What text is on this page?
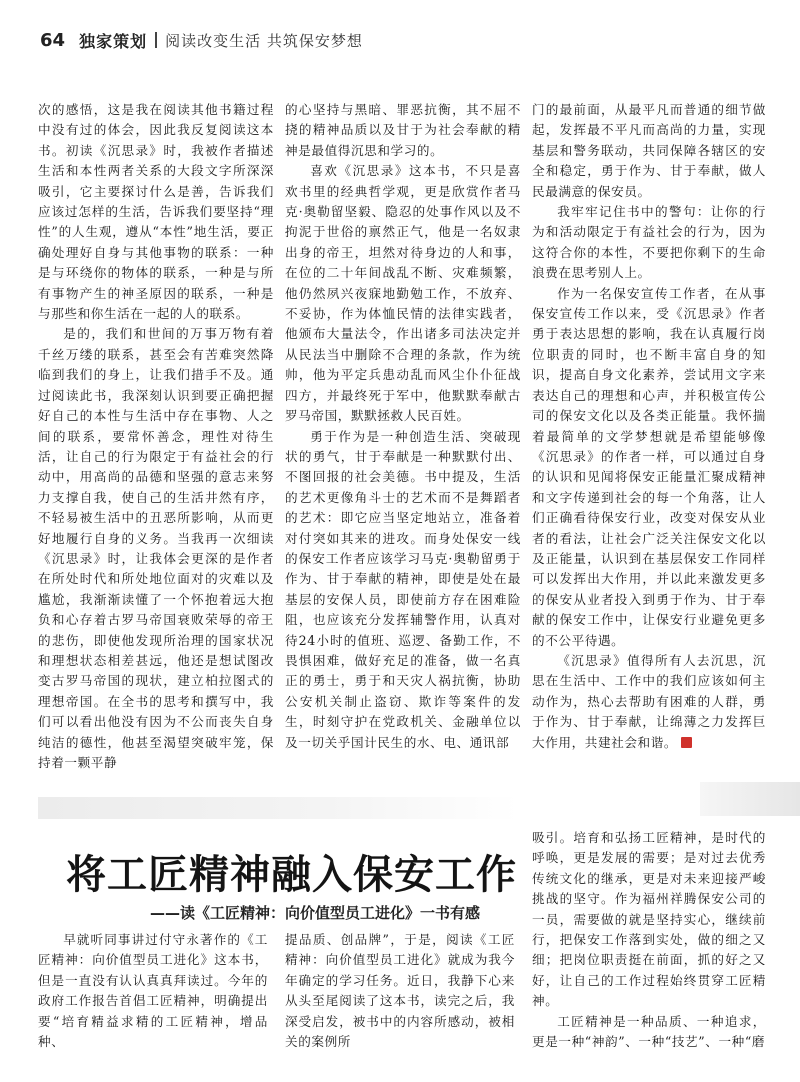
64 独家策划 阅读改变生活 共筑保安梦想

次的感悟，这是我在阅读其他书籍过程中没有过的体会，因此我反复阅读这本书。初读《沉思录》时，我被作者描述生活和本性两者关系的大段文字所深深吸引，它主要探讨什么是善，告诉我们应该过怎样的生活，告诉我们要坚持“理性”的人生观，遵从“本性”地生活，要正确处理好自身与其他事物的联系：一种是与环绕你的物体的联系，一种是与所有事物产生的神圣原因的联系，一种是与那些和你生活在一起的人的联系。

是的，我们和世间的万事万物有着千丝万缕的联系，甚至会有苦难突然降临到我们的身上，让我们措手不及。通过阅读此书，我深刻认识到要正确把握好自己的本性与生活中存在事物、人之间的联系，要常怀善念，理性对待生活，让自己的行为限定于有益社会的行动中，用高尚的品德和坚强的意志来努力支撑自我，使自己的生活井然有序，不轻易被生活中的丑恶所影响，从而更好地履行自身的义务。当我再一次细读《沉思录》时，让我体会更深的是作者在所处时代和所处地位面对的灾难以及尴尬，我渐渐读懂了一个怀抱着远大抱负和心存着古罗马帝国衰败荣辱的帝王的悲伤，即使他发现所治理的国家状况和理想状态相差甚远，他还是想试图改变古罗马帝国的现状，建立柏拉图式的理想帝国。在全书的思考和撰写中，我们可以看出他没有因为不公而丧失自身纯洁的德性，他甚至渴望突破牢笼，保持着一颗平静

的心坚持与黑暗、罪恶抗衡，其不屈不挠的精神品质以及甘于为社会奉献的精神是最值得沉思和学习的。

喜欢《沉思录》这本书，不只是喜欢书里的经典哲学观，更是欣赏作者马克·奥勒留坚毅、隐忍的处事作风以及不拘泥于世俗的禀然正气，他是一名奴隶出身的帝王，坦然对待身边的人和事，在位的二十年间战乱不断、灾难频繁，他仍然夙兴夜寐地勤勉工作，不放弃、不妥协，作为体恤民情的法律实践者，他颁布大量法令，作出诸多司法决定并从民法当中删除不合理的条款，作为统帅，他为平定兵患动乱而风尘仆仆征战四方，并最终死于军中，他默默奉献古罗马帝国，默默拯救人民百姓。

勇于作为是一种创造生活、突破现状的勇气，甘于奉献是一种默默付出、不图回报的社会美德。书中提及，生活的艺术更像角斗士的艺术而不是舞蹈者的艺术：即它应当坚定地站立，准备着对付突如其来的进攻。而身处保安一线的保安工作者应该学习马克·奥勒留勇于作为、甘于奉献的精神，即使是处在最基层的安保人员，即使前方存在困难险阻，也应该充分发挥辅警作用，认真对待24小时的值班、巡逻、备勤工作，不畏惧困难，做好充足的准备，做一名真正的勇士，勇于和天灾人祸抗衡，协助公安机关制止盗窃、欺诈等案件的发生，时刻守护在党政机关、金融单位以及一切关乎国计民生的水、电、通讯部

门的最前面，从最平凡而普通的细节做起，发挥最不平凡而高尚的力量，实现基层和警务联动，共同保障各辖区的安全和稳定，勇于作为、甘于奉献，做人民最满意的保安员。

我牢牢记住书中的警句：让你的行为和活动限定于有益社会的行为，因为这符合你的本性，不要把你剩下的生命浪费在思考别人上。

作为一名保安宣传工作者，在从事保安宣传工作以来，受《沉思录》作者勇于表达思想的影响，我在认真履行岗位职责的同时，也不断丰富自身的知识，提高自身文化素养，尝试用文字来表达自己的理想和心声，并积极宣传公司的保安文化以及各类正能量。我怀揣着最简单的文学梦想就是希望能够像《沉思录》的作者一样，可以通过自身的认识和见闻将保安正能量汇聚成精神和文字传递到社会的每一个角落，让人们正确看待保安行业，改变对保安从业者的看法，让社会广泛关注保安文化以及正能量，认识到在基层保安工作同样可以发挥出大作用，并以此来激发更多的保安从业者投入到勇于作为、甘于奉献的保安工作中，让保安行业避免更多的不公平待遇。

《沉思录》值得所有人去沉思，沉思在生活中、工作中的我们应该如何主动作为，热心去帮助有困难的人群，勇于作为、甘于奉献，让绵薄之力发挥巨大作用，共建社会和谐。

将工匠精神融入保安工作
——读《工匠精神：向价值型员工进化》一书有感

早就听同事讲过付守永著作的《工匠精神：向价值型员工进化》这本书，但是一直没有认认真真拜读过。今年的政府工作报告首倡工匠精神，明确提出要“培育精益求精的工匠精神，增品种、

提品质、创品牌”，于是，阅读《工匠精神：向价值型员工进化》就成为我今年确定的学习任务。近日，我静下心来从头至尾阅读了这本书，读完之后，我深受启发，被书中的内容所感动，被相关的案例所

吸引。培育和弘扬工匠精神，是时代的呼唤，更是发展的需要；是对过去优秀传统文化的继承，更是对未来迎接严峻挑战的坚守。作为福州祥腾保安公司的一员，需要做的就是坚持实心，继续前行，把保安工作落到实处，做的细之又细；把岗位职责挺在前面，抓的好之又好，让自己的工作过程始终贯穿工匠精神。

工匠精神是一种品质、一种追求，更是一种“神韵”、一种“技艺”、一种“磨
